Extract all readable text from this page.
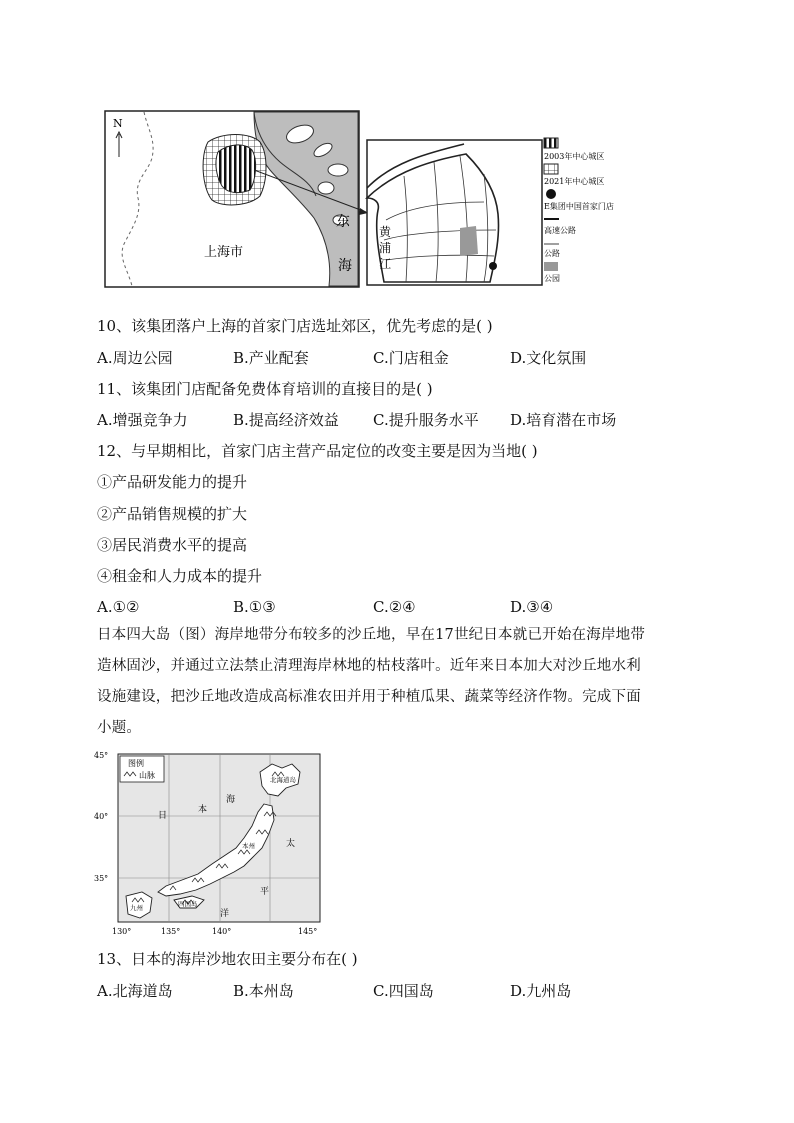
N
上海市
东
海
黄
浦
江
2003年中心城区
2021年中心城区
E集团中国首家门店
高速公路
公路
公园
10、该集团落户上海的首家门店选址郊区，优先考虑的是( )
A.周边公园	B.产业配套	C.门店租金	D.文化氛围
11、该集团门店配备免费体育培训的直接目的是( )
A.增强竞争力	B.提高经济效益 C.提升服务水平 D.培育潜在市场
12、与早期相比，首家门店主营产品定位的改变主要是因为当地( )
①产品研发能力的提升
②产品销售规模的扩大
③居民消费水平的提高
④租金和人力成本的提升
A.①②	B.①③	C.②④	D.③④
日本四大岛（图）海岸地带分布较多的沙丘地，早在17世纪日本就已开始在海岸地带
造林固沙，并通过立法禁止清理海岸林地的枯枝落叶。近年来日本加大对沙丘地水利
设施建设，把沙丘地改造成高标准农田并用于种植瓜果、蔬菜等经济作物。完成下面
小题。
图例
山脉	北海道岛
本州
四国岛
九州
日
本
海
太
平
洋
45°
40°
35°
130°	135°	140°	145°
13、日本的海岸沙地农田主要分布在( )
A.北海道岛	B.本州岛	C.四国岛	D.九州岛
